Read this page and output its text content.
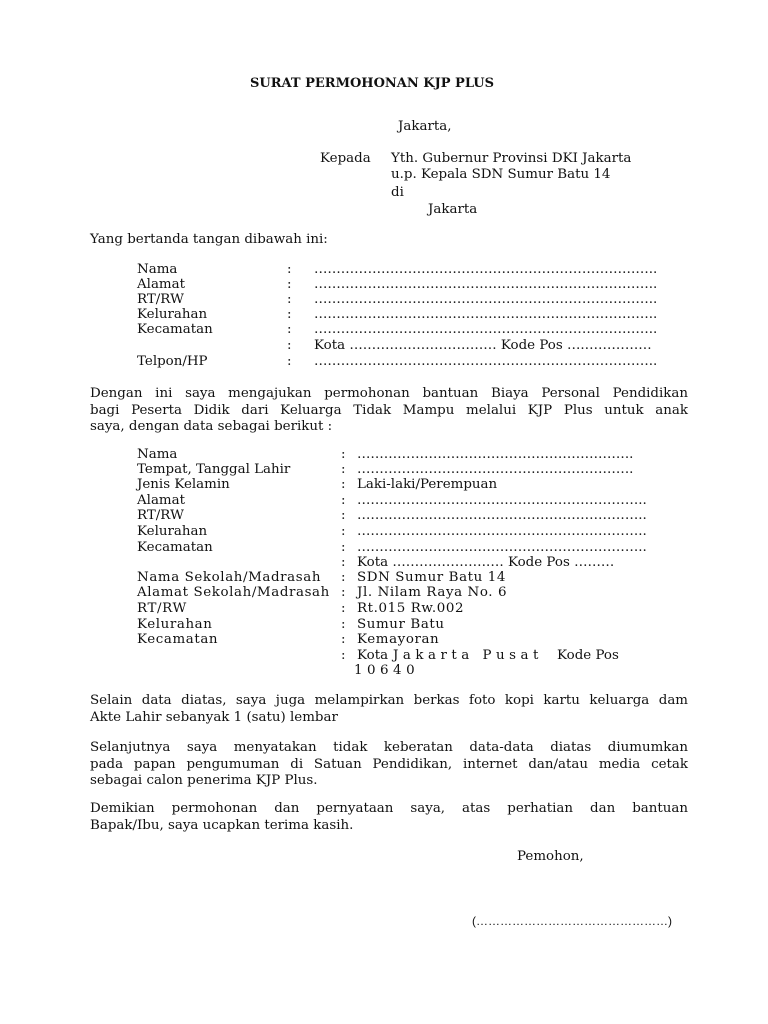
SURAT PERMOHONAN KJP PLUS
Jakarta,
Kepada Yth. Gubernur Provinsi DKI Jakarta
u.p. Kepala SDN Sumur Batu 14
di
Jakarta
Yang bertanda tangan dibawah ini:
Nama	: …………………………………………………………………..
Alamat	: …………………………………………………………………..
RT/RW	: …………………………………………………………………..
Kelurahan	: …………………………………………………………………..
Kecamatan	: …………………………………………………………………..
: Kota …………………………… Kode Pos ….……………
Telpon/HP	: …………………………………………………………………..
Dengan ini saya mengajukan permohonan bantuan Biaya Personal Pendidikan
bagi Peserta Didik dari Keluarga Tidak Mampu melalui KJP Plus untuk anak
saya, dengan data sebagai berikut :
Nama	: ……………………………………………………..
Tempat, Tanggal Lahir	: ……………………………………………………..
Jenis Kelamin	: Laki-laki/Perempuan
Alamat	: ………………………………………………………..
RT/RW	: ………………………………………………………..
Kelurahan	: ………………………………………………………..
Kecamatan	: ………………………………………………………..
: Kota ………………….… Kode Pos ………
Nama Sekolah/Madrasah : SDN Sumur Batu 14
Alamat Sekolah/Madrasah : Jl. Nilam Raya No. 6
RT/RW	: Rt.015 Rw.002
Kelurahan	: Sumur Batu
Kecamatan	: Kemayoran
: Kota Jakarta Pusat Kode Pos
10640
Selain data diatas, saya juga melampirkan berkas foto kopi kartu keluarga dam
Akte Lahir sebanyak 1 (satu) lembar
Selanjutnya saya menyatakan tidak keberatan data-data diatas diumumkan
pada papan pengumuman di Satuan Pendidikan, internet dan/atau media cetak
sebagai calon penerima KJP Plus.
Demikian permohonan dan pernyataan saya, atas perhatian dan bantuan
Bapak/Ibu, saya ucapkan terima kasih.
Pemohon,
(…………………………………………)
